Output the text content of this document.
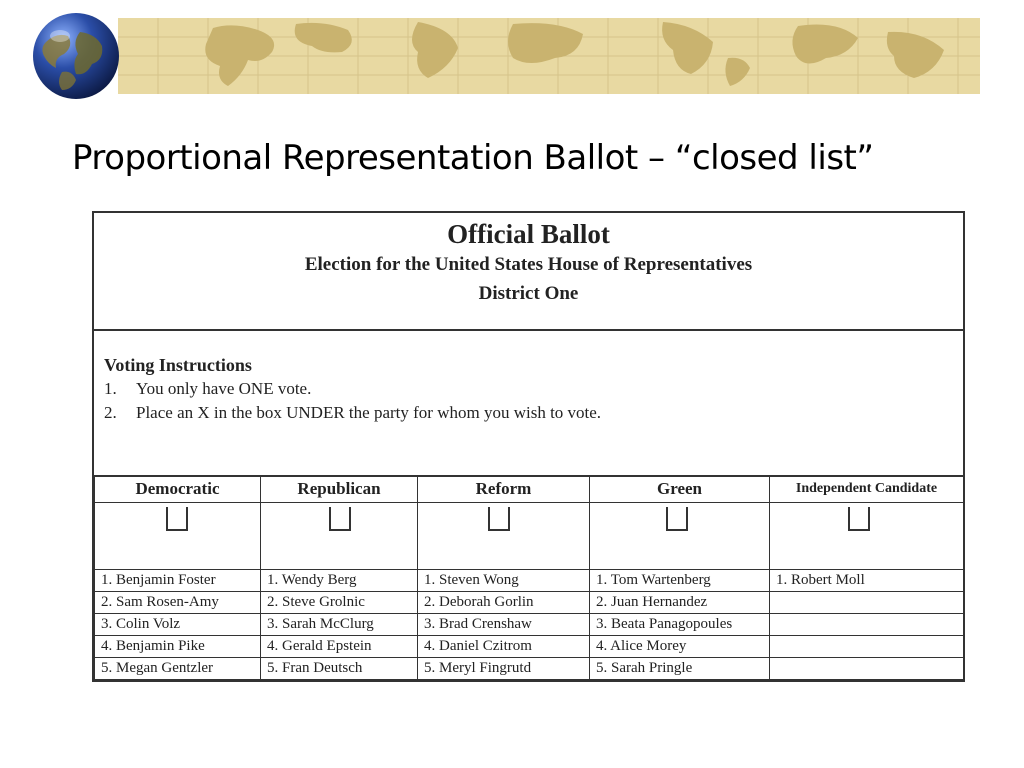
Proportional Representation Ballot – “closed list”
Official Ballot
Election for the United States House of Representatives
District One
Voting Instructions
1. You only have ONE vote.
2. Place an X in the box UNDER the party for whom you wish to vote.
Democratic	Republican	Reform	Green	Independent Candidate

1. Benjamin Foster	1. Wendy Berg	1. Steven Wong	1. Tom Wartenberg	1. Robert Moll
2. Sam Rosen-Amy	2. Steve Grolnic	2. Deborah Gorlin	2. Juan Hernandez	
3. Colin Volz	3. Sarah McClurg	3. Brad Crenshaw	3. Beata Panagopoules	
4. Benjamin Pike	4. Gerald Epstein	4. Daniel Czitrom	4. Alice Morey	
5. Megan Gentzler	5. Fran Deutsch	5. Meryl Fingrutd	5. Sarah Pringle	
